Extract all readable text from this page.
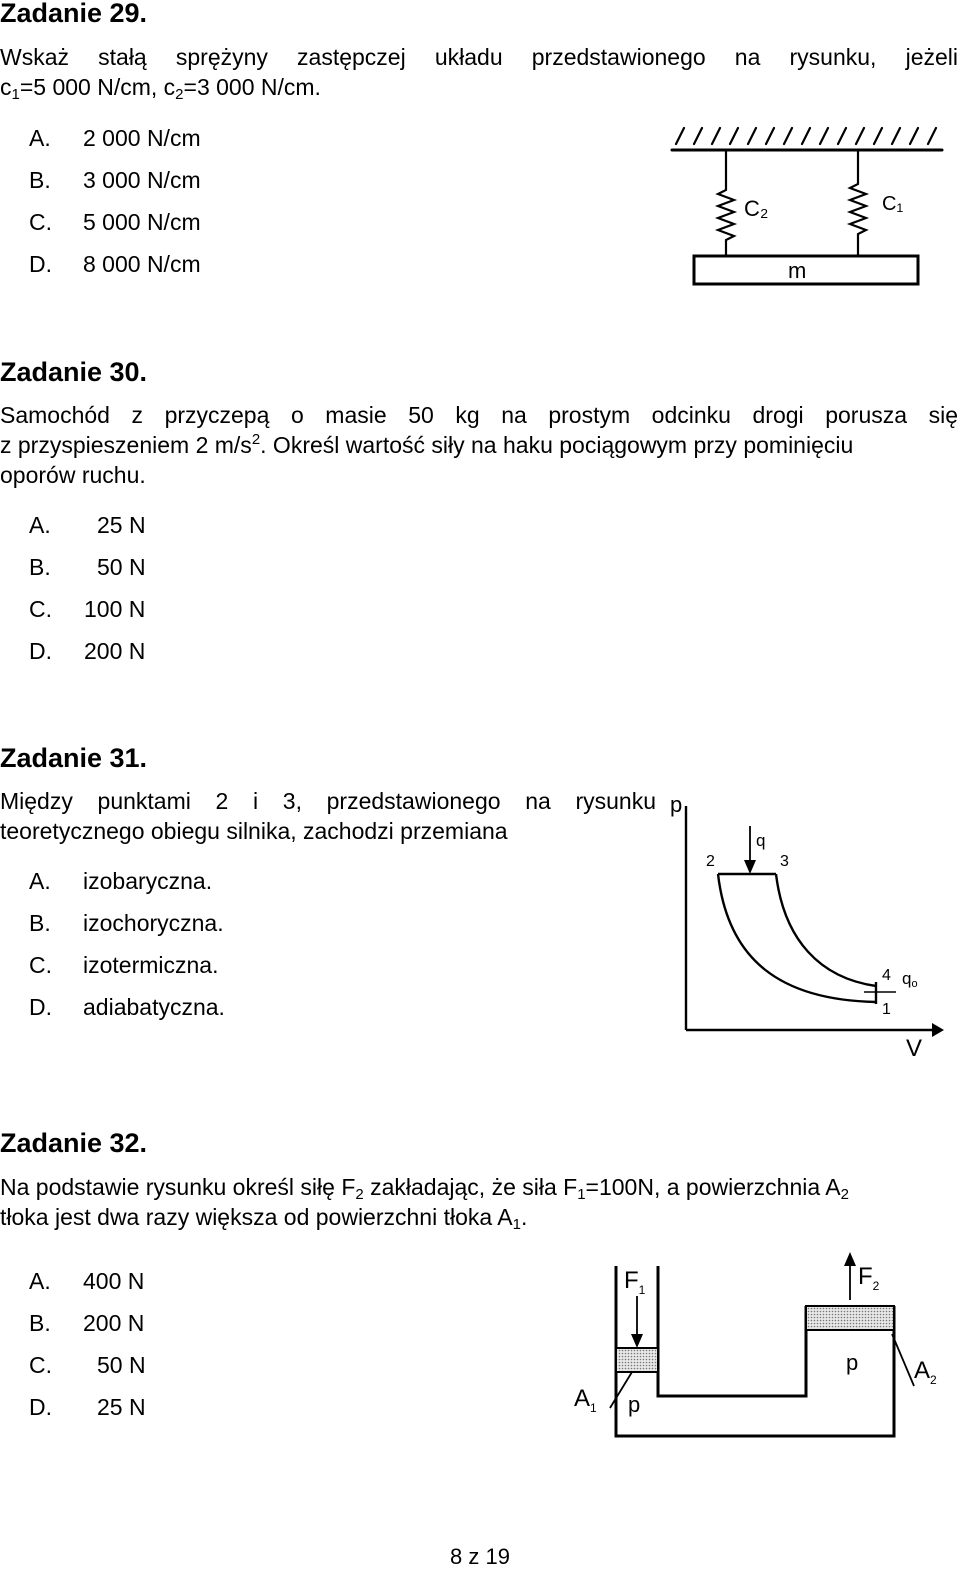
Zadanie 29.
Wskaż stałą sprężyny zastępczej układu przedstawionego na rysunku, jeżeli
$c_1=5$ 000 N/cm, $c_2=3$ 000 N/cm.
A. 2 000 N/cm
B. 3 000 N/cm
C. 5 000 N/cm
D. 8 000 N/cm
C₂	C₁
m
Zadanie 30.
Samochód z przyczepą o masie 50 kg na prostym odcinku drogi porusza się
z przyspieszeniem 2 $m/s^2$. Określ wartość siły na haku pociągowym przy pominięciu
oporów ruchu.
A. 25 N
B. 50 N
C. 100 N
D. 200 N
Zadanie 31.
Między punktami 2 i 3, przedstawionego na rysunku
teoretycznego obiegu silnika, zachodzi przemiana
A. izobaryczna.
B. izochoryczna.
C. izotermiczna.
D. adiabatyczna.
p
V
q
2	3
4
1
qo
Zadanie 32.
Na podstawie rysunku określ siłę $F_2$ zakładając, że siła $F_1=100N$, a powierzchnia $A_2$
tłoka jest dwa razy większa od powierzchni tłoka $A_1$.
A. 400 N
B. 200 N
C. 50 N
D. 25 N
$F_1$	$F_2$
p
p
$A_1$
$A_2$
8 z 19
